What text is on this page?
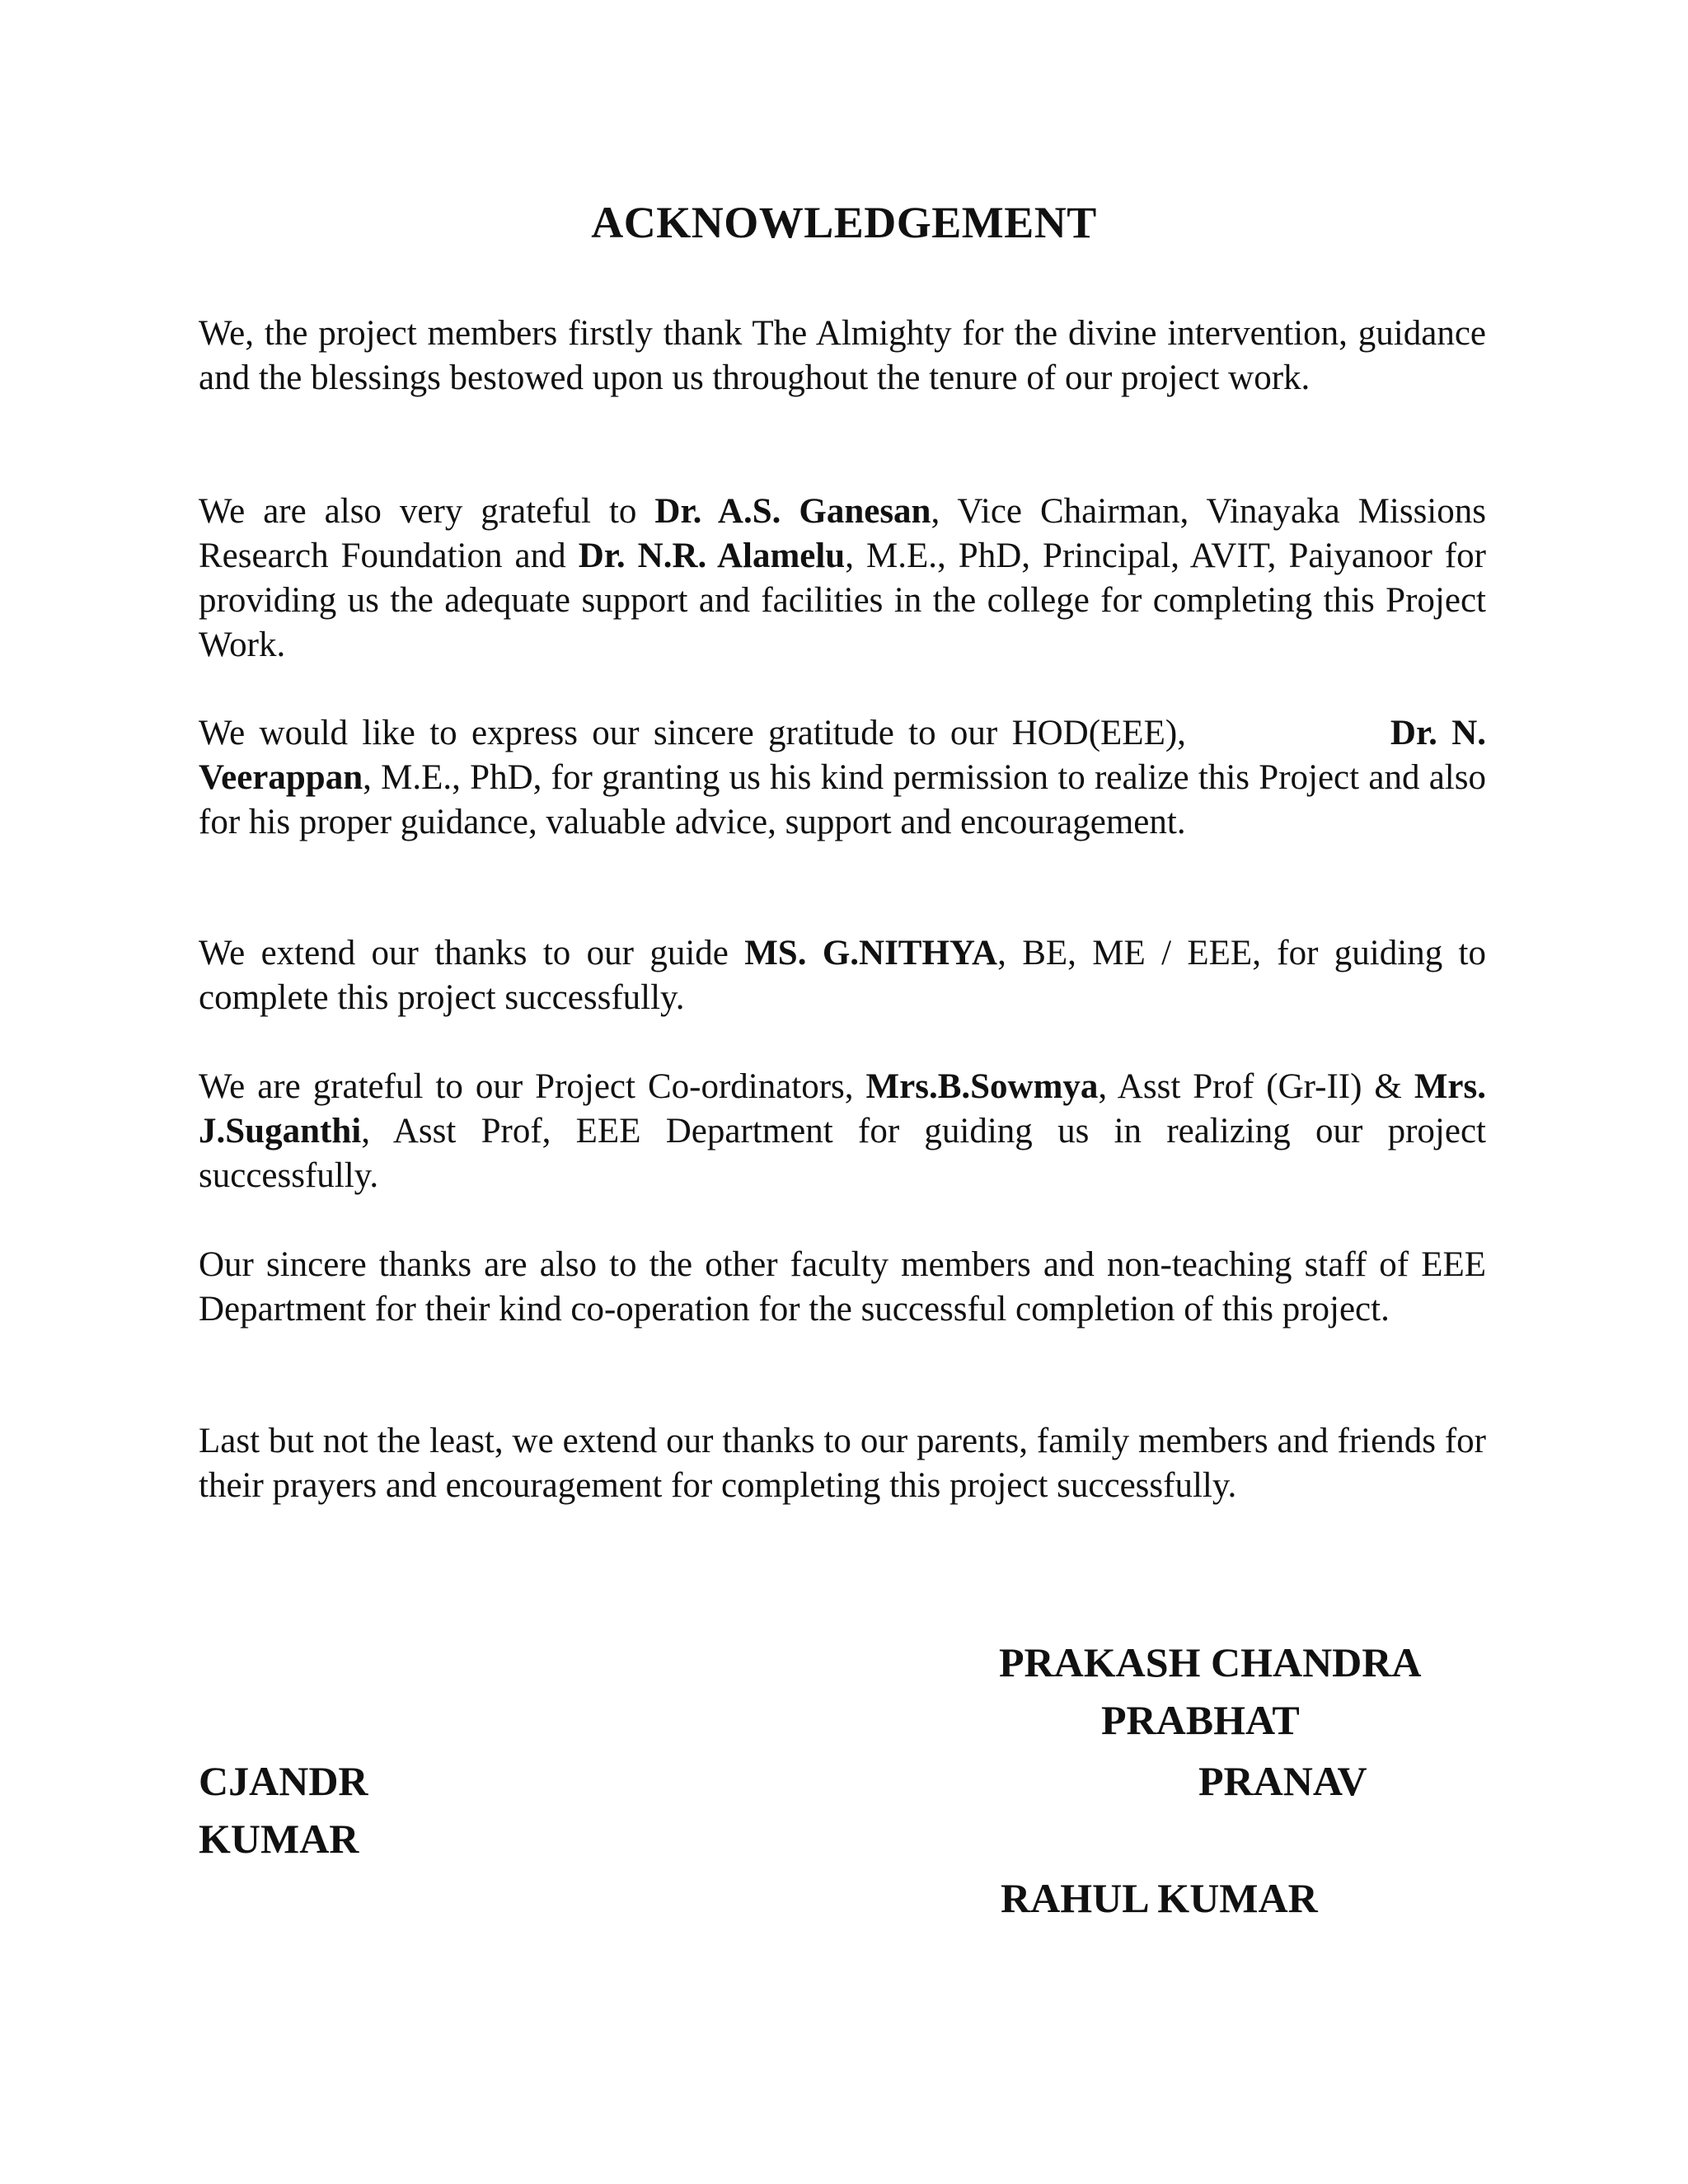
ACKNOWLEDGEMENT

We, the project members firstly thank The Almighty for the divine intervention, guidance and the blessings bestowed upon us throughout the tenure of our project work.

We are also very grateful to Dr. A.S. Ganesan, Vice Chairman, Vinayaka Missions Research Foundation and Dr. N.R. Alamelu, M.E., PhD, Principal, AVIT, Paiyanoor for providing us the adequate support and facilities in the college for completing this Project Work.

We would like to express our sincere gratitude to our HOD(EEE),	Dr. N. Veerappan, M.E., PhD, for granting us his kind permission to realize this Project and also for his proper guidance, valuable advice, support and encouragement.

We extend our thanks to our guide MS. G.NITHYA, BE, ME / EEE, for guiding to complete this project successfully.

We are grateful to our Project Co-ordinators, Mrs.B.Sowmya, Asst Prof (Gr-II) & Mrs. J.Suganthi, Asst Prof, EEE Department for guiding us in realizing our project successfully.

Our sincere thanks are also to the other faculty members and non-teaching staff of EEE Department for their kind co-operation for the successful completion of this project.

Last but not the least, we extend our thanks to our parents, family members and friends for their prayers and encouragement for completing this project successfully.

PRAKASH CHANDRA
PRABHAT
CJANDR	PRANAV
KUMAR
RAHUL KUMAR
